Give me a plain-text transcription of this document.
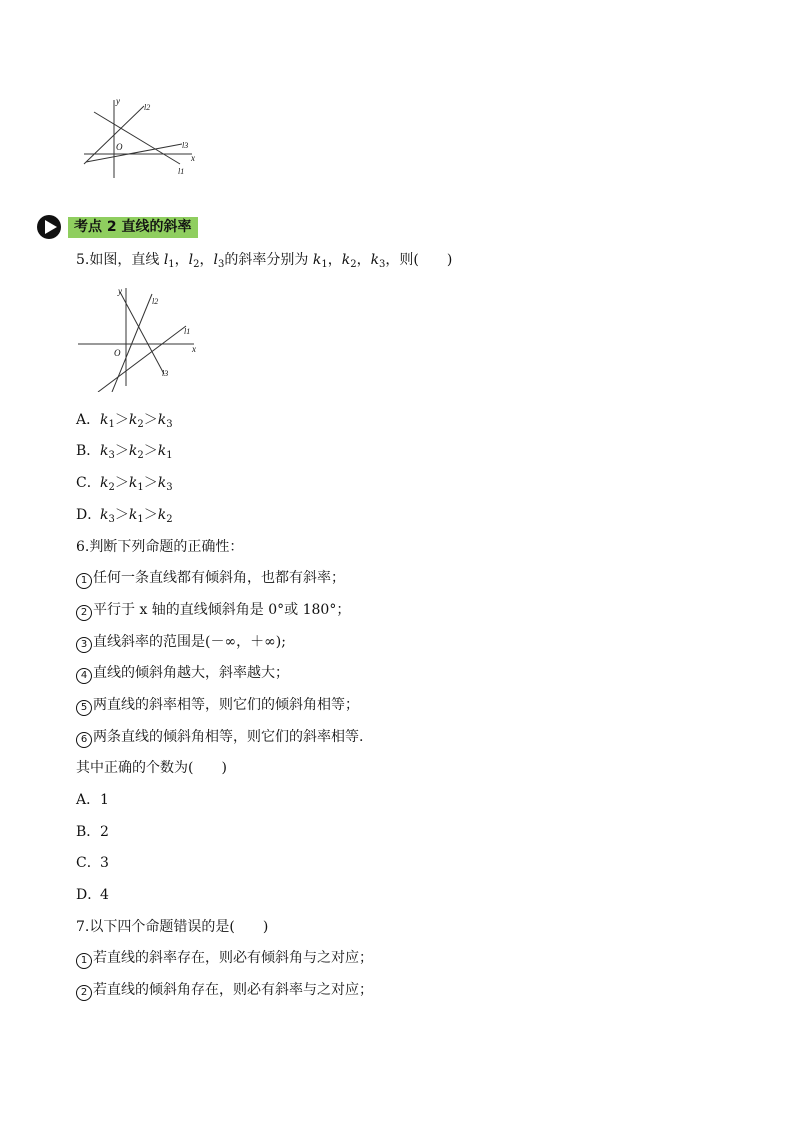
y
O
x
l2
l3
l1
考点 2 直线的斜率
5.如图，直线 $l_1$，$l_2$，$l_3$的斜率分别为 $k_1$，$k_2$，$k_3$，则(　　)
y
O	x
l2
l1
l3
A．$k_1>k_2>k_3$
B．$k_3>k_2>k_1$
C．$k_2>k_1>k_3$
D．$k_3>k_1>k_2$
6.判断下列命题的正确性：
1 任何一条直线都有倾斜角，也都有斜率；
2 平行于 x 轴的直线倾斜角是 0°或 180°；
3 直线斜率的范围是(－∞，＋∞);
4 直线的倾斜角越大，斜率越大；
5 两直线的斜率相等，则它们的倾斜角相等；
6 两条直线的倾斜角相等，则它们的斜率相等.
其中正确的个数为(　　)
A．1
B．2
C．3
D．4
7.以下四个命题错误的是(　　)
1 若直线的斜率存在，则必有倾斜角与之对应；
2 若直线的倾斜角存在，则必有斜率与之对应；
